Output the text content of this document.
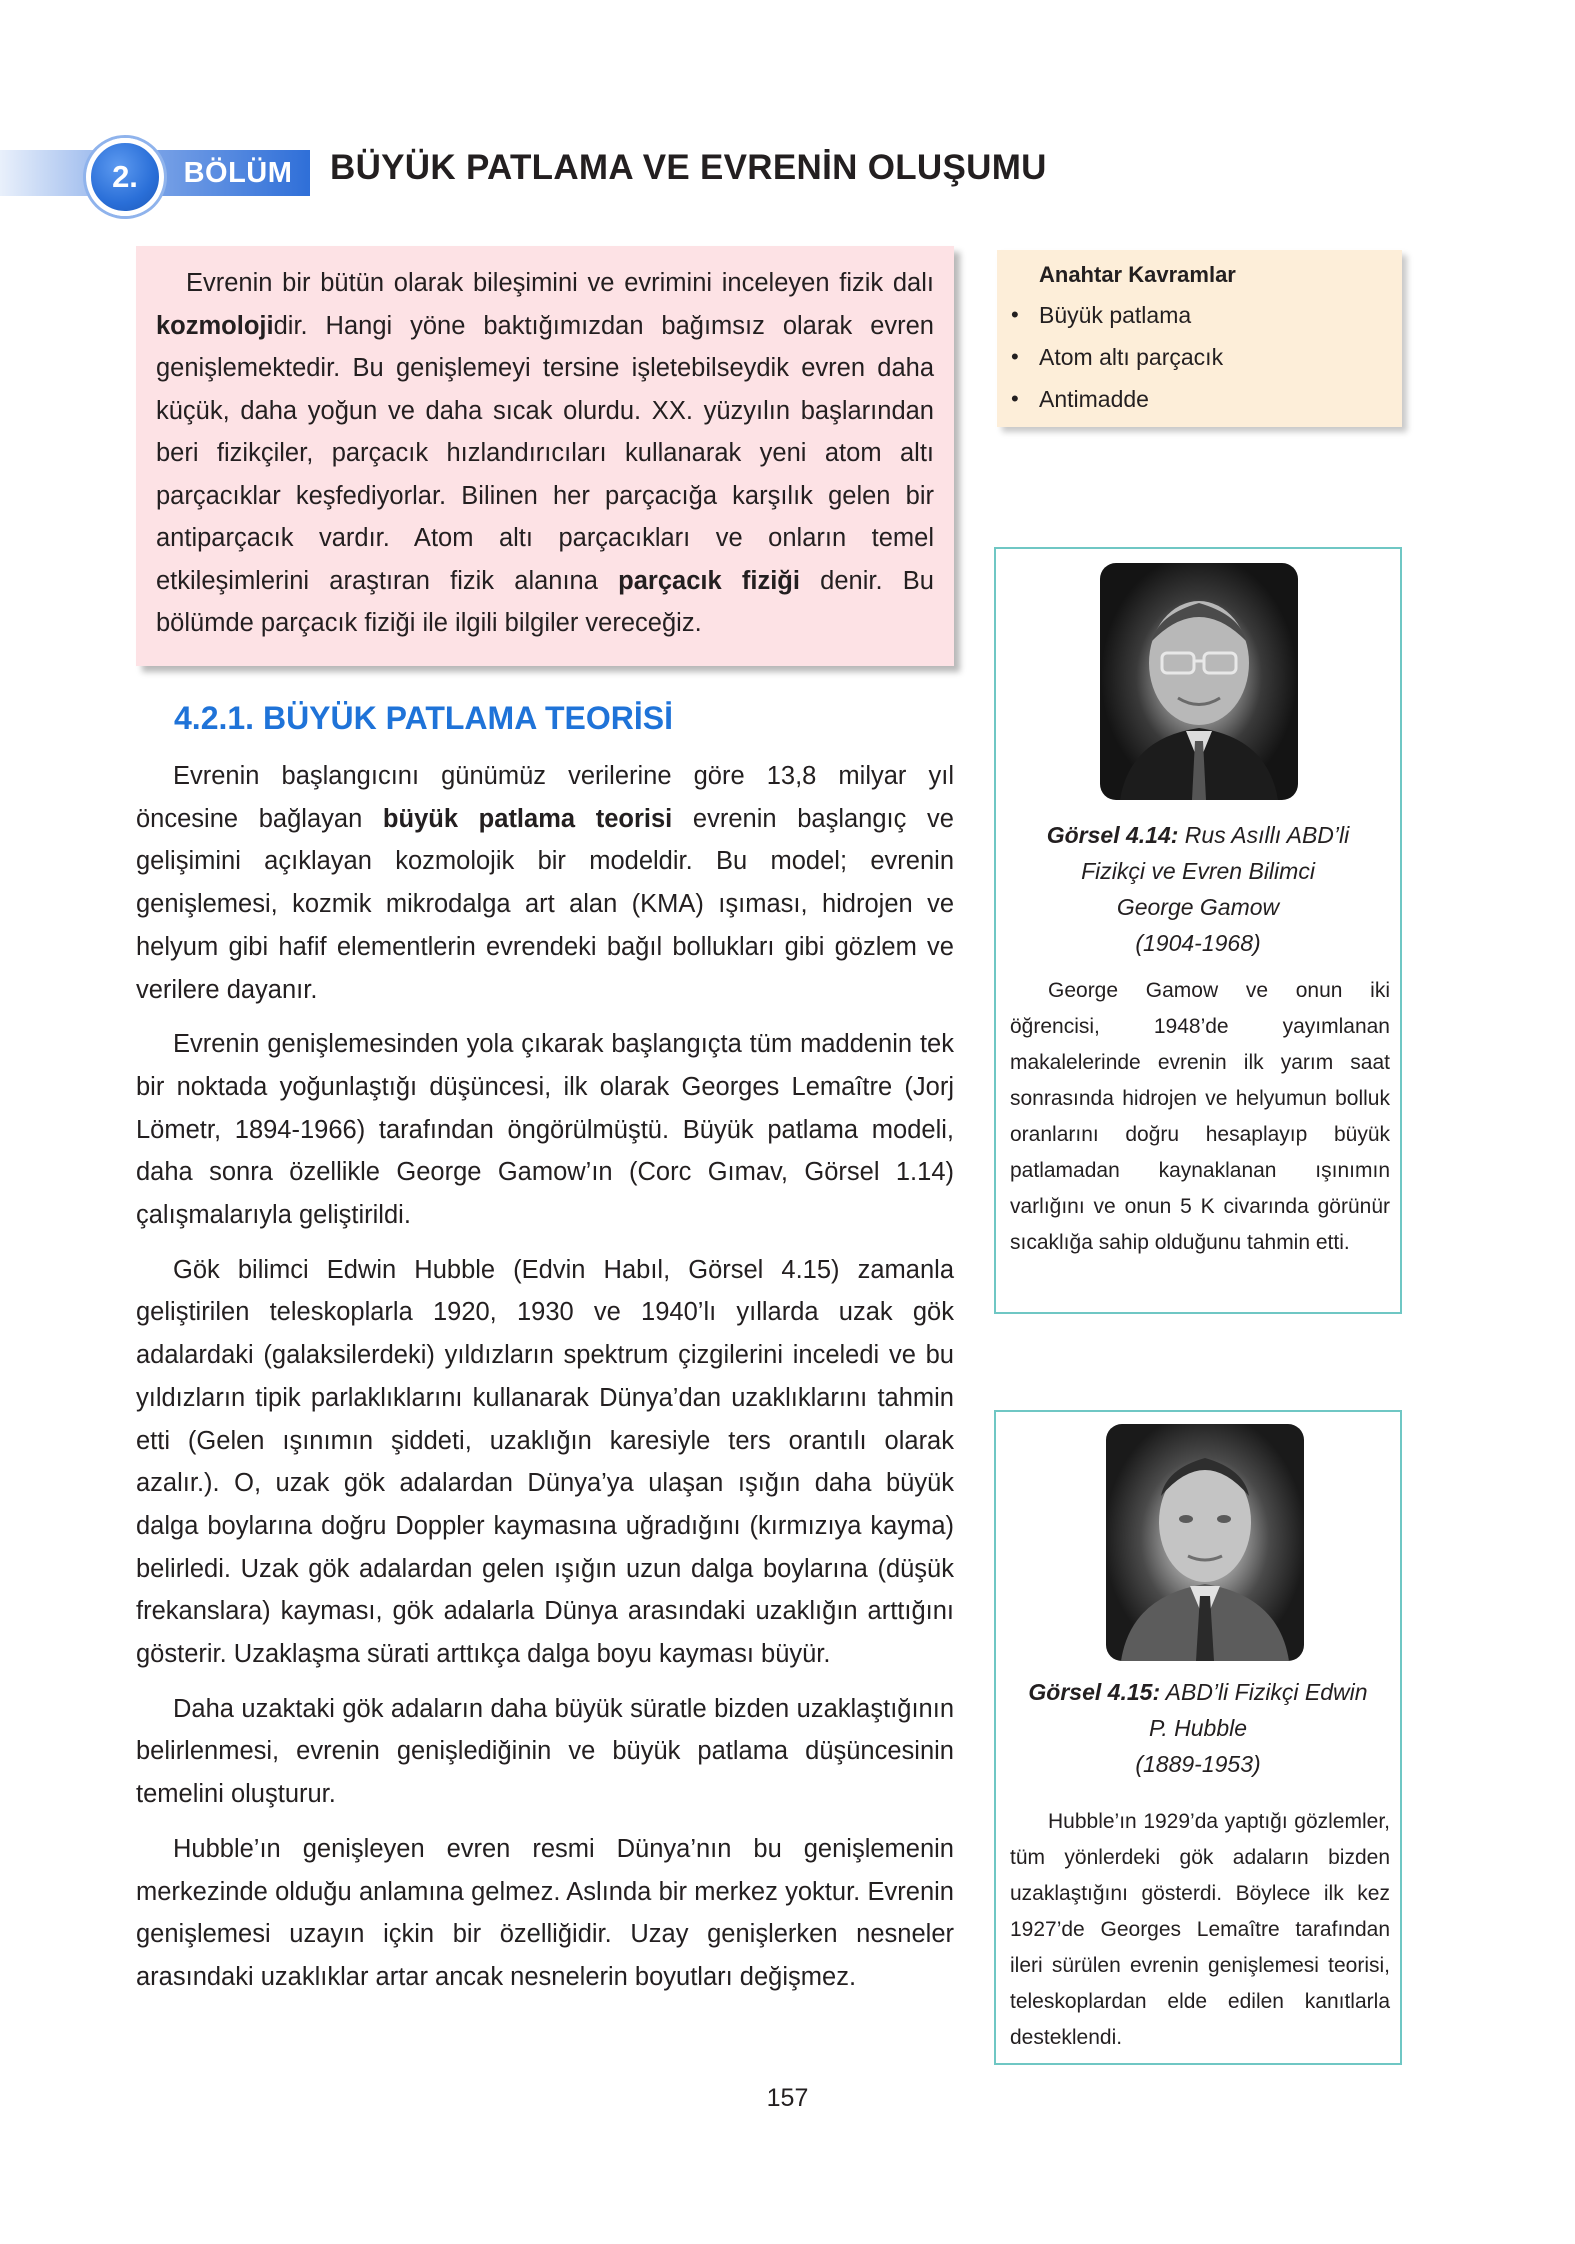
2.	BÖLÜM	BÜYÜK PATLAMA VE EVRENİN OLUŞUMU

Evrenin bir bütün olarak bileşimini ve evrimini inceleyen fizik dalı kozmolojidir. Hangi yöne baktığımızdan bağımsız olarak evren genişlemektedir. Bu genişlemeyi tersine işletebilseydik evren daha küçük, daha yoğun ve daha sıcak olurdu. XX. yüzyılın başlarından beri fizikçiler, parçacık hızlandırıcıları kullanarak yeni atom altı parçacıklar keşfediyorlar. Bilinen her parçacığa karşılık gelen bir antiparçacık vardır. Atom altı parçacıkları ve onların temel etkileşimlerini araştıran fizik alanına parçacık fiziği denir. Bu bölümde parçacık fiziği ile ilgili bilgiler vereceğiz.

Anahtar Kavramlar
• Büyük patlama
• Atom altı parçacık
• Antimadde
4.2.1. BÜYÜK PATLAMA TEORİSİ

Evrenin başlangıcını günümüz verilerine göre 13,8 milyar yıl öncesine bağlayan büyük patlama teorisi evrenin başlangıç ve gelişimini açıklayan kozmolojik bir modeldir. Bu model; evrenin genişlemesi, kozmik mikrodalga art alan (KMA) ışıması, hidrojen ve helyum gibi hafif elementlerin evrendeki bağıl bollukları gibi gözlem ve verilere dayanır.

Evrenin genişlemesinden yola çıkarak başlangıçta tüm maddenin tek bir noktada yoğunlaştığı düşüncesi, ilk olarak Georges Lemaître (Jorj Lömetr, 1894-1966) tarafından öngörülmüştü. Büyük patlama modeli, daha sonra özellikle George Gamow’ın (Corc Gımav, Görsel 1.14) çalışmalarıyla geliştirildi.

Gök bilimci Edwin Hubble (Edvin Habıl, Görsel 4.15) zamanla geliştirilen teleskoplarla 1920, 1930 ve 1940’lı yıllarda uzak gök adalardaki (galaksilerdeki) yıldızların spektrum çizgilerini inceledi ve bu yıldızların tipik parlaklıklarını kullanarak Dünya’dan uzaklıklarını tahmin etti (Gelen ışınımın şiddeti, uzaklığın karesiyle ters orantılı olarak azalır.). O, uzak gök adalardan Dünya’ya ulaşan ışığın daha büyük dalga boylarına doğru Doppler kaymasına uğradığını (kırmızıya kayma) belirledi. Uzak gök adalardan gelen ışığın uzun dalga boylarına (düşük frekanslara) kayması, gök adalarla Dünya arasındaki uzaklığın arttığını gösterir. Uzaklaşma sürati arttıkça dalga boyu kayması büyür.

Daha uzaktaki gök adaların daha büyük süratle bizden uzaklaştığının belirlenmesi, evrenin genişlediğinin ve büyük patlama düşüncesinin temelini oluşturur.

Hubble’ın genişleyen evren resmi Dünya’nın bu genişlemenin merkezinde olduğu anlamına gelmez. Aslında bir merkez yoktur. Evrenin genişlemesi uzayın içkin bir özelliğidir. Uzay genişlerken nesneler arasındaki uzaklıklar artar ancak nesnelerin boyutları değişmez.

Görsel 4.14: Rus Asıllı ABD’li
Fizikçi ve Evren Bilimci
George Gamow
(1904-1968)

George Gamow ve onun iki öğrencisi, 1948’de yayımlanan makalelerinde evrenin ilk yarım saat sonrasında hidrojen ve helyumun bolluk oranlarını doğru hesaplayıp büyük patlamadan kaynaklanan ışınımın varlığını ve onun 5 K civarında görünür sıcaklığa sahip olduğunu tahmin etti.

Görsel 4.15: ABD’li Fizikçi Edwin
P. Hubble
(1889-1953)

Hubble’ın 1929’da yaptığı gözlemler, tüm yönlerdeki gök adaların bizden uzaklaştığını gösterdi. Böylece ilk kez 1927’de Georges Lemaître tarafından ileri sürülen evrenin genişlemesi teorisi, teleskoplardan elde edilen kanıtlarla desteklendi.

157
